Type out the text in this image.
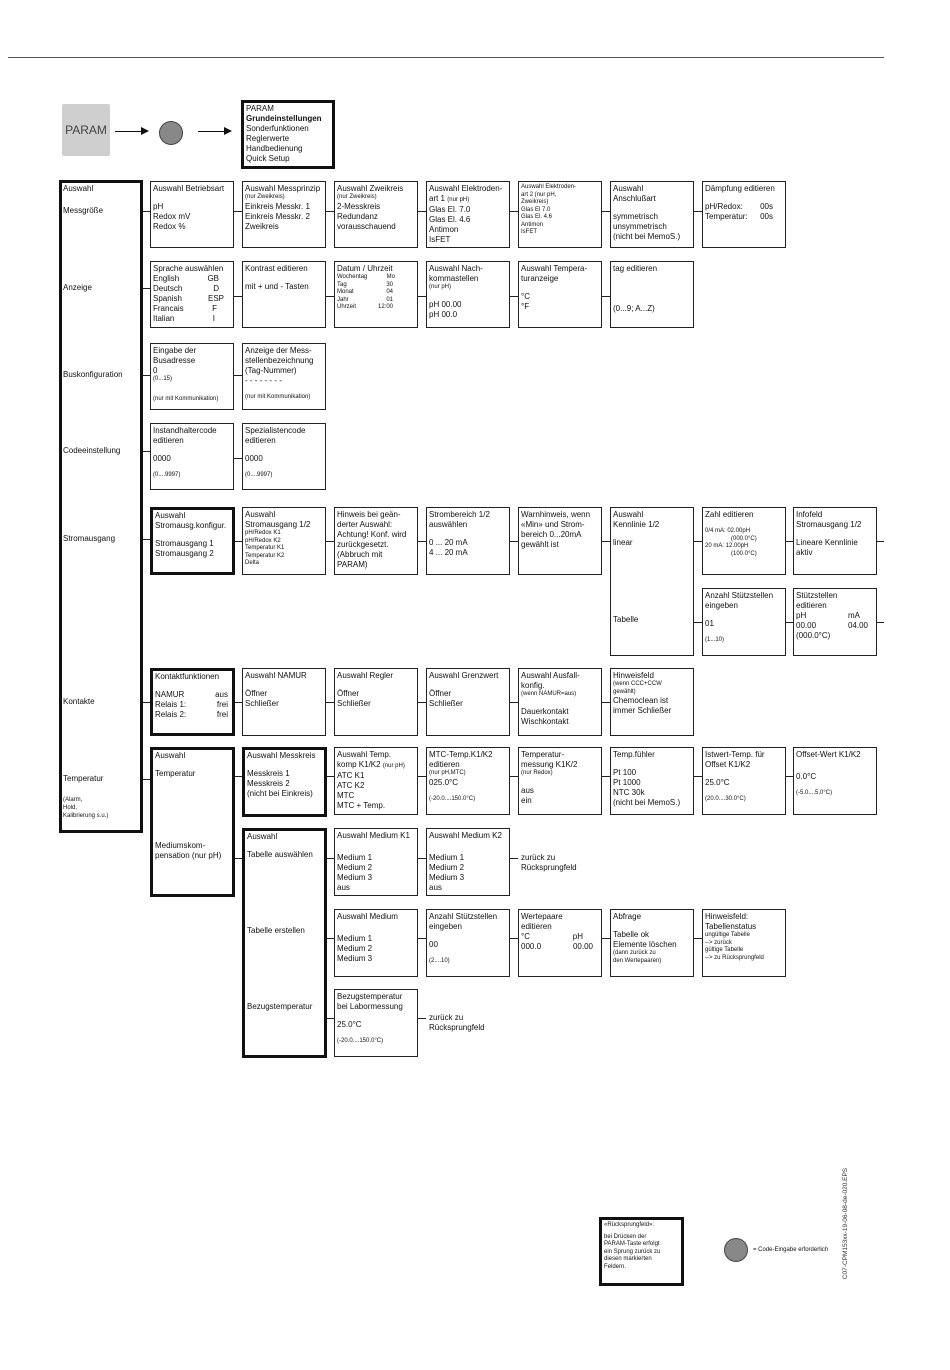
PARAM
PARAM
Grundeinstellungen
Sonderfunktionen
Reglerwerte
Handbedienung
Quick Setup
Auswahl
Messgröße
Anzeige
Buskonfiguration
Codeeinstellung
Stromausgang
Kontakte
Temperatur
(Alarm,
Hold,
Kalibrierung s.u.)
Auswahl Betriebsart
pH
Redox mV
Redox %
Auswahl Messprinzip
(nur Zweikreis)
Einkreis Messkr. 1
Einkreis Messkr. 2
Zweikreis
Auswahl Zweikreis
(nur Zweikreis)
2-Messkreis
Redundanz
vorausschauend
Auswahl Elektroden-
art 1 (nur pH)
Glas El. 7.0
Glas El. 4.6
Antimon
IsFET
Auswahl Elektroden-
art 2 (nur pH,
Zweikreis)
Glas El 7.0
Glas El. 4.6
Antimon
IsFET
Auswahl
Anschlußart
symmetrisch
unsymmetrisch
(nicht bei MemoS.)
Dämpfung editieren
pH/Redox: 00s
Temperatur: 00s
Sprache auswählen
English	GB
Deutsch	D
Spanish	ESP
Francais	F
Italian	I
Kontrast editieren
mit + und - Tasten
Datum / Uhrzeit
Wochentag	Mo
Tag	30
Monat	04
Jahr	01
Uhrzeit	12:00
Auswahl Nach-
kommastellen
(nur pH)
pH 00.00
pH 00.0
Auswahl Tempera-
turanzeige
°C
°F
tag editieren
(0...9; A...Z)
Eingabe der
Busadresse
0
(0...15)
(nur mit Kommunikation)
Anzeige der Mess-
stellenbezeichnung
(Tag-Nummer)
- - - - - - - -
(nur mit Kommunikation)
Instandhaltercode
editieren
0000
(0....9997)
Spezialistencode
editieren
0000
(0....9997)
Auswahl
Stromausg.konfigur.
Stromausgang 1
Stromausgang 2
Auswahl
Stromausgang 1/2
pH/Redox K1
pH/Redox K2
Temperatur K1
Temperatur K2
Delta
Hinweis bei geän-
derter Auswahl:
Achtung! Konf. wird
zurückgesetzt.
(Abbruch mit
PARAM)
Strombereich 1/2
auswählen
0 ... 20 mA
4 ... 20 mA
Warnhinweis, wenn
«Min» und Strom-
bereich 0...20mA
gewählt ist
Auswahl
Kennlinie 1/2
linear
Tabelle
Zahl editieren
0/4 mA: 02.00pH
(000.0°C)
20 mA: 12.00pH
(100.0°C)
Infofeld
Stromausgang 1/2
Lineare Kennlinie
aktiv
Anzahl Stützstellen
eingeben
01
(1...10)
Stützstellen
editieren
pH	mA
00.00	04.00
(000.0°C)
Kontaktfunktionen
NAMUR	aus
Relais 1:	frei
Relais 2:	frei
Auswahl NAMUR
Öffner
Schließer
Auswahl Regler
Öffner
Schließer
Auswahl Grenzwert
Öffner
Schließer
Auswahl Ausfall-
konfig.
(wenn NAMUR=aus)
Dauerkontakt
Wischkontakt
Hinweisfeld
(wenn CCC+CCW
gewählt)
Chemoclean ist
immer Schließer
Auswahl
Temperatur
Mediumskom-
pensation (nur pH)
Auswahl Messkreis
Messkreis 1
Messkreis 2
(nicht bei Einkreis)
Auswahl Temp.
komp K1/K2 (nur pH)
ATC K1
ATC K2
MTC
MTC + Temp.
MTC-Temp.K1/K2
editieren
(nur pH,MTC)
025.0°C
(-20.0....150.0°C)
Temperatur-
messung K1K/2
(nur Redox)
aus
ein
Temp.fühler
Pt 100
Pt 1000
NTC 30k
(nicht bei MemoS.)
Istwert-Temp. für
Offset K1/K2
25.0°C
(20.0....30.0°C)
Offset-Wert K1/K2
0.0°C
(-5.0....5,0°C)
Auswahl
Tabelle auswählen
Tabelle erstellen
Bezugstemperatur
Auswahl Medium K1
Medium 1
Medium 2
Medium 3
aus
Auswahl Medium K2
Medium 1
Medium 2
Medium 3
aus
zurück zu
Rücksprungfeld
Auswahl Medium
Medium 1
Medium 2
Medium 3
Anzahl Stützstellen
eingeben
00
(2....10)
Wertepaare
editieren
°C	pH
000.0	00.00
Abfrage
Tabelle ok
Elemente löschen
(dann zurück zu
den Wertepaaren)
Hinweisfeld:
Tabellenstatus
ungültige Tabelle
--> zurück
gültige Tabelle
--> zu Rücksprungfeld
Bezugstemperatur
bei Labormessung
25.0°C
(-20.0....150.0°C)
zurück zu
Rücksprungfeld
«Rücksprungfeld»:
bei Drücken der
PARAM-Taste erfolgt
ein Sprung zurück zu
diesen markierten
Feldern.
= Code-Eingabe erforderlich C07-CPM153xx-19-06-08-de-020.EPS
